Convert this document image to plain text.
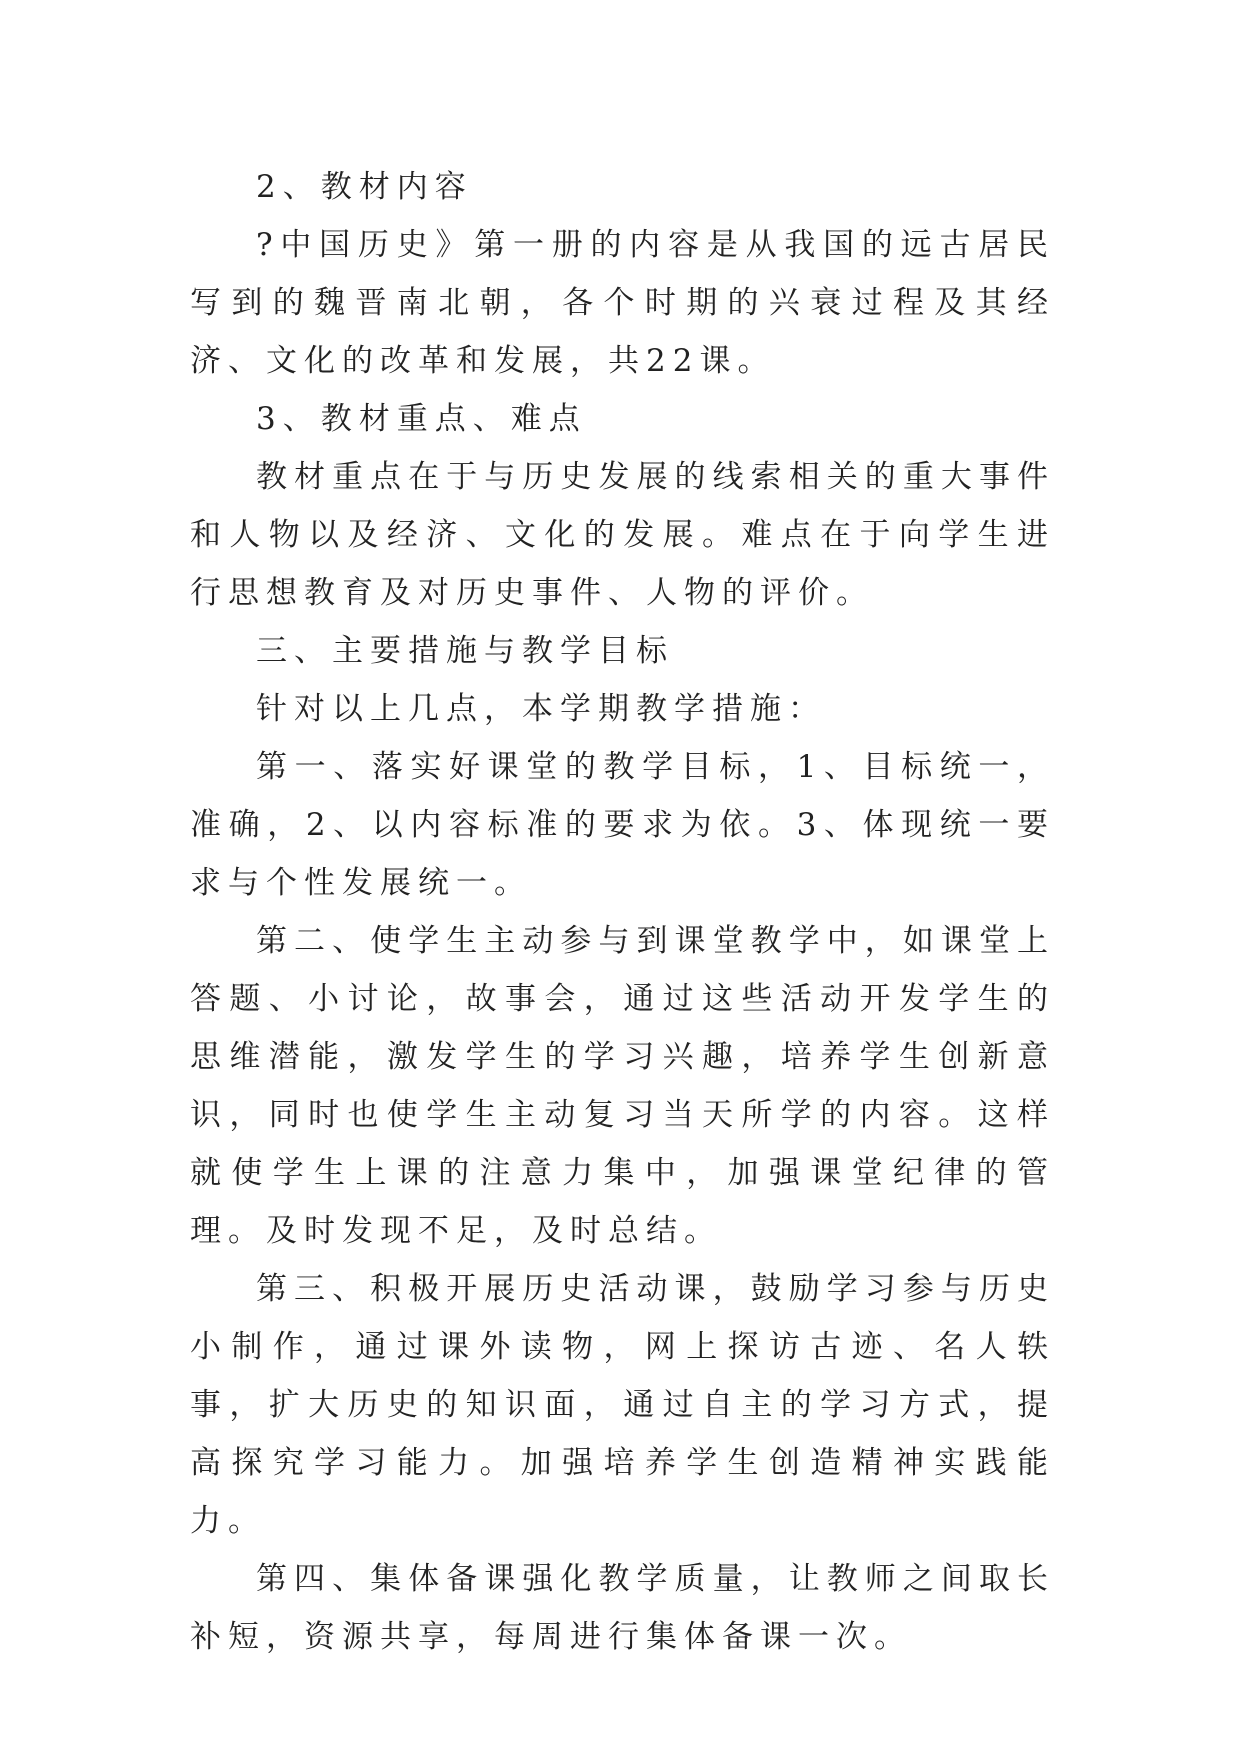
2、教材内容

?中国历史》第一册的内容是从我国的远古居民写到的魏晋南北朝，各个时期的兴衰过程及其经济、文化的改革和发展，共22课。

3、教材重点、难点

教材重点在于与历史发展的线索相关的重大事件和人物以及经济、文化的发展。难点在于向学生进行思想教育及对历史事件、人物的评价。

三、主要措施与教学目标

针对以上几点，本学期教学措施：

第一、落实好课堂的教学目标，1、目标统一，准确，2、以内容标准的要求为依。3、体现统一要求与个性发展统一。

第二、使学生主动参与到课堂教学中，如课堂上答题、小讨论，故事会，通过这些活动开发学生的思维潜能，激发学生的学习兴趣，培养学生创新意识，同时也使学生主动复习当天所学的内容。这样就使学生上课的注意力集中，加强课堂纪律的管理。及时发现不足，及时总结。

第三、积极开展历史活动课，鼓励学习参与历史小制作，通过课外读物，网上探访古迹、名人轶事，扩大历史的知识面，通过自主的学习方式，提高探究学习能力。加强培养学生创造精神实践能力。

第四、集体备课强化教学质量，让教师之间取长补短，资源共享，每周进行集体备课一次。
